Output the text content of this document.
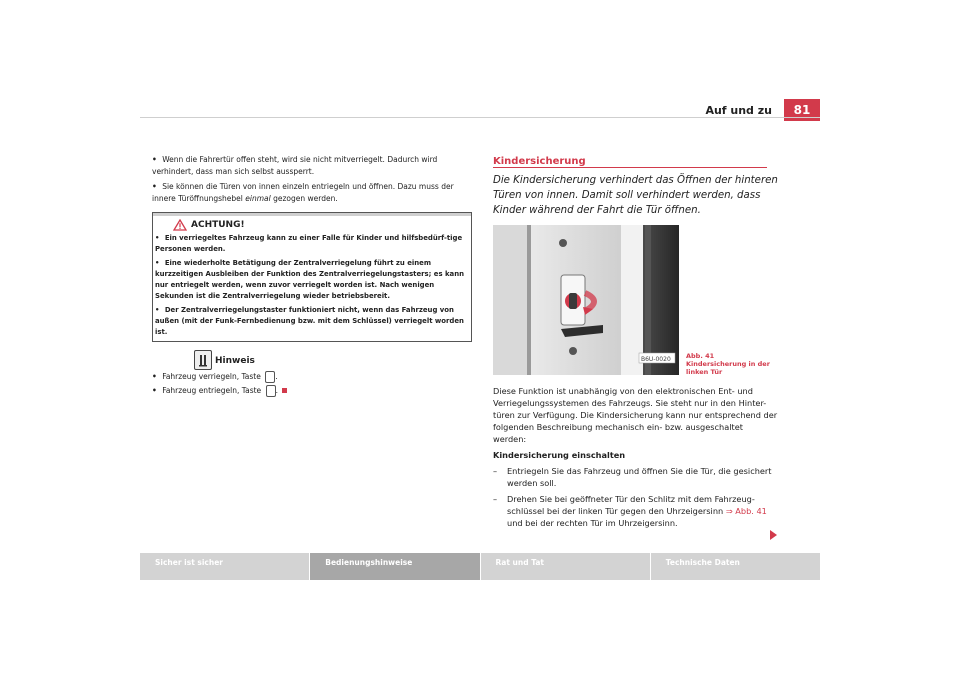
Auf und zu	81

• Wenn die Fahrertür offen steht, wird sie nicht mitverriegelt. Dadurch wird verhindert, dass man sich selbst aussperrt.

• Sie können die Türen von innen einzeln entriegeln und öffnen. Dazu muss der innere Türöffnungshebel einmal gezogen werden.

ACHTUNG!

• Ein verriegeltes Fahrzeug kann zu einer Falle für Kinder und hilfsbedürf-tige Personen werden.

• Eine wiederholte Betätigung der Zentralverriegelung führt zu einem kurzzeitigen Ausbleiben der Funktion des Zentralverriegelungstasters; es kann nur entriegelt werden, wenn zuvor verriegelt worden ist. Nach wenigen Sekunden ist die Zentralverriegelung wieder betriebsbereit.

• Der Zentralverriegelungstaster funktioniert nicht, wenn das Fahrzeug von außen (mit der Funk-Fernbedienung bzw. mit dem Schlüssel) verriegelt worden ist.

Hinweis
• Fahrzeug verriegeln, Taste .
• Fahrzeug entriegeln, Taste .
Kindersicherung
Die Kindersicherung verhindert das Öffnen der hinteren Türen von innen. Damit soll verhindert werden, dass Kinder während der Fahrt die Tür öffnen.
B6U-0020 Abb. 41 Kindersicherung in der linken Tür

Diese Funktion ist unabhängig von den elektronischen Ent- und Verriegelungssystemen des Fahrzeugs. Sie steht nur in den Hinter-türen zur Verfügung. Die Kindersicherung kann nur entsprechend der folgenden Beschreibung mechanisch ein- bzw. ausgeschaltet werden:

Kindersicherung einschalten

–	Entriegeln Sie das Fahrzeug und öffnen Sie die Tür, die gesichert werden soll.
–	Drehen Sie bei geöffneter Tür den Schlitz mit dem Fahrzeug-schlüssel bei der linken Tür gegen den Uhrzeigersinn ⇒ Abb. 41 und bei der rechten Tür im Uhrzeigersinn.
Sicher ist sicher	Bedienungshinweise	Rat und Tat	Technische Daten
